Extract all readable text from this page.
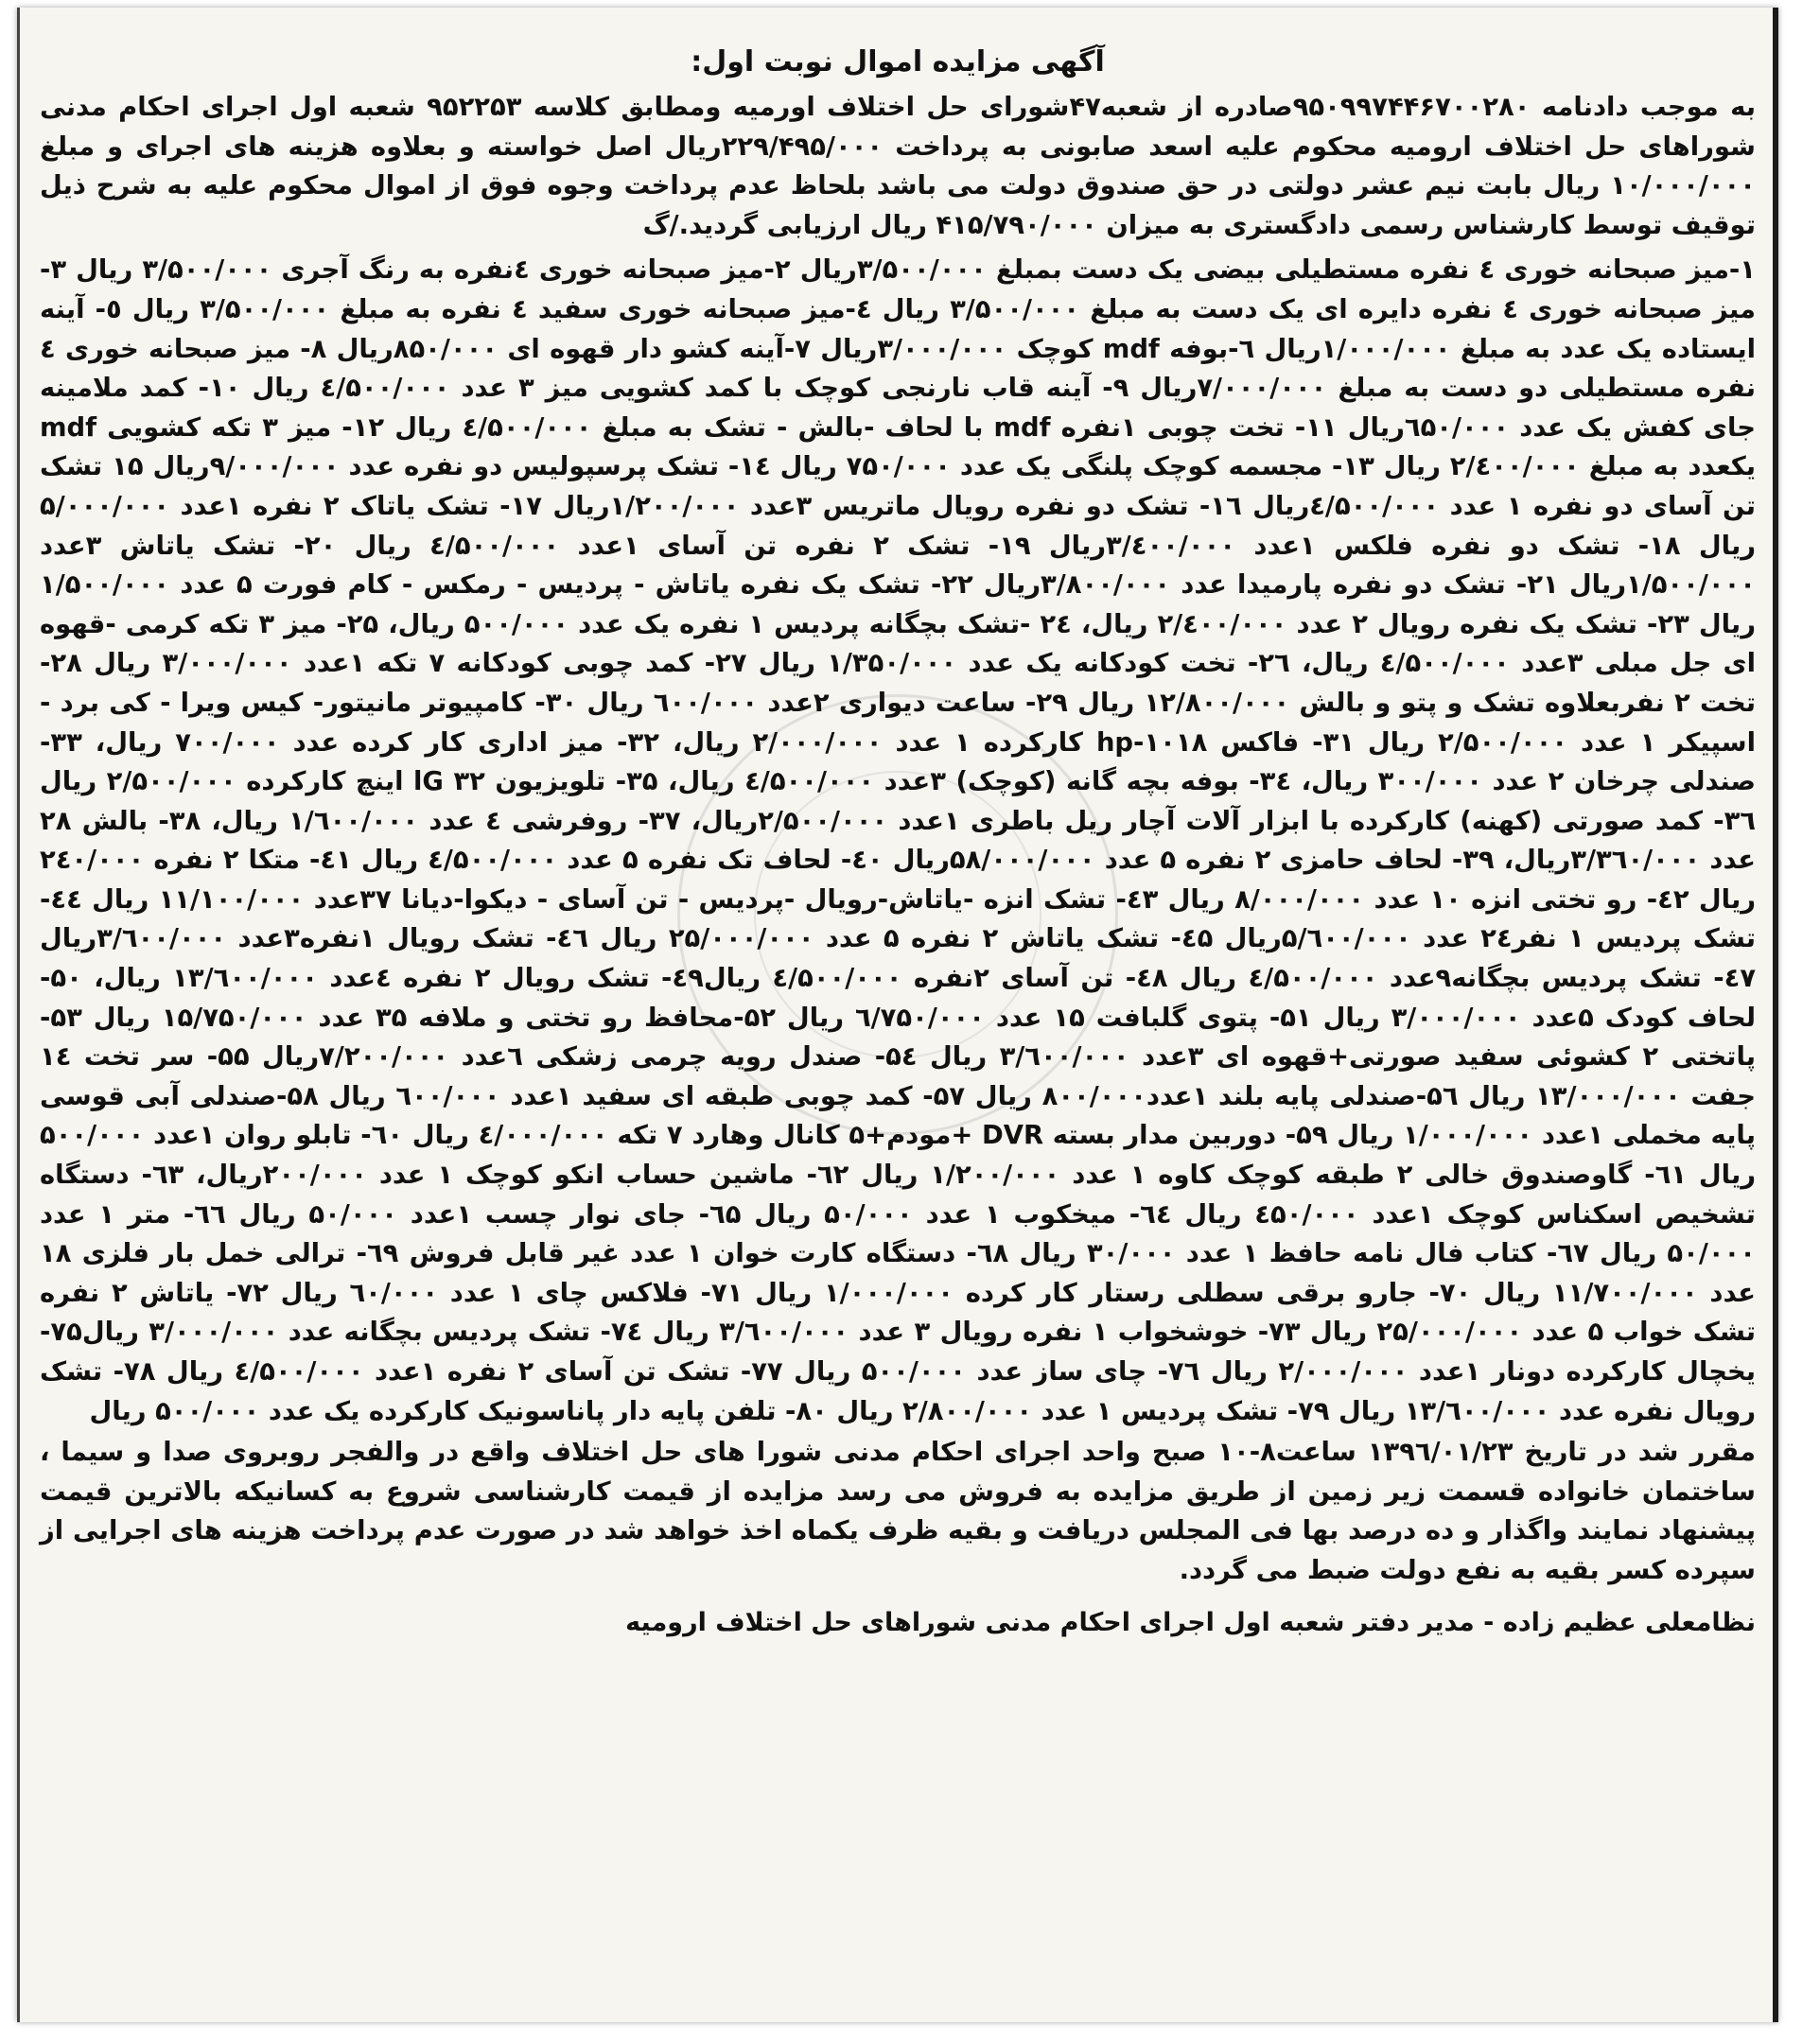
آگهی مزایده اموال نوبت اول:

به موجب دادنامه ۹۵۰۹۹۷۴۴۶۷۰۰۲۸۰صادره از شعبه۴۷شورای حل اختلاف اورمیه ومطابق کلاسه ۹۵۲۲۵۳ شعبه اول اجرای احکام مدنی شوراهای حل اختلاف ارومیه محکوم علیه اسعد صابونی به پرداخت ۲۲۹/۴۹۵/۰۰۰ریال اصل خواسته و بعلاوه هزینه های اجرای و مبلغ ۱۰/۰۰۰/۰۰۰ ریال بابت نیم عشر دولتی در حق صندوق دولت می باشد بلحاظ عدم پرداخت وجوه فوق از اموال محکوم علیه به شرح ذیل توقیف توسط کارشناس رسمی دادگستری به میزان ۴۱۵/۷۹۰/۰۰۰ ریال ارزیابی گردید./گ

۱-میز صبحانه خوری ٤ نفره مستطیلی بیضی یک دست بمبلغ ۳/۵۰۰/۰۰۰ریال ۲-میز صبحانه خوری ٤نفره به رنگ آجری ۳/۵۰۰/۰۰۰ ریال ۳-میز صبحانه خوری ٤ نفره دایره ای یک دست به مبلغ ۳/۵۰۰/۰۰۰ ریال ٤-میز صبحانه خوری سفید ٤ نفره به مبلغ ۳/۵۰۰/۰۰۰ ریال ٥- آینه ایستاده یک عدد به مبلغ ۱/۰۰۰/۰۰۰ریال ٦-بوفه mdf کوچک ۳/۰۰۰/۰۰۰ریال ۷-آینه کشو دار قهوه ای ۸۵۰/۰۰۰ریال ۸- میز صبحانه خوری ٤ نفره مستطیلی دو دست به مبلغ ۷/۰۰۰/۰۰۰ریال ۹- آینه قاب نارنجی کوچک با کمد کشویی میز ۳ عدد ٤/۵۰۰/۰۰۰ ریال ۱۰- کمد ملامینه جای کفش یک عدد ٦۵۰/۰۰۰ریال ۱۱- تخت چوبی ۱نفره mdf با لحاف -بالش - تشک به مبلغ ٤/۵۰۰/۰۰۰ ریال ۱۲- میز ۳ تکه کشویی mdf یکعدد به مبلغ ۲/٤۰۰/۰۰۰ ریال ۱۳- مجسمه کوچک پلنگی یک عدد ۷۵۰/۰۰۰ ریال ۱٤- تشک پرسپولیس دو نفره عدد ۹/۰۰۰/۰۰۰ریال ۱۵ تشک تن آسای دو نفره ۱ عدد ٤/۵۰۰/۰۰۰ریال ۱٦- تشک دو نفره رویال ماتریس ۳عدد ۱/۲۰۰/۰۰۰ریال ۱۷- تشک یاتاک ۲ نفره ۱عدد ۵/۰۰۰/۰۰۰ ریال ۱۸- تشک دو نفره فلکس ۱عدد ۳/٤۰۰/۰۰۰ریال ۱۹- تشک ۲ نفره تن آسای ۱عدد ٤/۵۰۰/۰۰۰ ریال ۲۰- تشک یاتاش ۳عدد ۱/۵۰۰/۰۰۰ریال ۲۱- تشک دو نفره پارمیدا عدد ۳/۸۰۰/۰۰۰ریال ۲۲- تشک یک نفره یاتاش - پردیس - رمکس - کام فورت ۵ عدد ۱/۵۰۰/۰۰۰ ریال ۲۳- تشک یک نفره رویال ۲ عدد ۲/٤۰۰/۰۰۰ ریال، ۲٤ -تشک بچگانه پردیس ۱ نفره یک عدد ۵۰۰/۰۰۰ ریال، ۲۵- میز ۳ تکه کرمی -قهوه ای جل مبلی ۳عدد ٤/۵۰۰/۰۰۰ ریال، ۲٦- تخت کودکانه یک عدد ۱/۳۵۰/۰۰۰ ریال ۲۷- کمد چوبی کودکانه ۷ تکه ۱عدد ۳/۰۰۰/۰۰۰ ریال ۲۸- تخت ۲ نفربعلاوه تشک و پتو و بالش ۱۲/۸۰۰/۰۰۰ ریال ۲۹- ساعت دیواری ۲عدد ٦۰۰/۰۰۰ ریال ۳۰- کامپیوتر مانیتور- کیس ویرا - کی برد - اسپیکر ۱ عدد ۲/۵۰۰/۰۰۰ ریال ۳۱- فاکس hp-۱۰۱۸ کارکرده ۱ عدد ۲/۰۰۰/۰۰۰ ریال، ۳۲- میز اداری کار کرده عدد ۷۰۰/۰۰۰ ریال، ۳۳- صندلی چرخان ۲ عدد ۳۰۰/۰۰۰ ریال، ۳٤- بوفه بچه گانه (کوچک) ۳عدد ٤/۵۰۰/۰۰۰ ریال، ۳۵- تلویزیون ۳۲ lG اینچ کارکرده ۲/۵۰۰/۰۰۰ ریال ۳٦- کمد صورتی (کهنه) کارکرده با ابزار آلات آچار ریل باطری ۱عدد ۲/۵۰۰/۰۰۰ریال، ۳۷- روفرشی ٤ عدد ۱/٦۰۰/۰۰۰ ریال، ۳۸- بالش ۲۸ عدد ۳/۳٦۰/۰۰۰ریال، ۳۹- لحاف حامزی ۲ نفره ۵ عدد ۵۸/۰۰۰/۰۰۰ریال ٤۰- لحاف تک نفره ۵ عدد ٤/۵۰۰/۰۰۰ ریال ٤۱- متکا ۲ نفره ۲٤۰/۰۰۰ ریال ٤۲- رو تختی انزه ۱۰ عدد ۸/۰۰۰/۰۰۰ ریال ٤۳- تشک انزه -یاتاش-رویال -پردیس - تن آسای - دیکوا-دیانا ۳۷عدد ۱۱/۱۰۰/۰۰۰ ریال ٤٤- تشک پردیس ۱ نفر۲٤ عدد ۵/٦۰۰/۰۰۰ریال ٤۵- تشک یاتاش ۲ نفره ۵ عدد ۲۵/۰۰۰/۰۰۰ ریال ٤٦- تشک رویال ۱نفره۳عدد ۳/٦۰۰/۰۰۰ریال ٤۷- تشک پردیس بچگانه۹عدد ٤/۵۰۰/۰۰۰ ریال ٤۸- تن آسای ۲نفره ٤/۵۰۰/۰۰۰ ریال٤۹- تشک رویال ۲ نفره ٤عدد ۱۳/٦۰۰/۰۰۰ ریال، ۵۰-لحاف کودک ۵عدد ۳/۰۰۰/۰۰۰ ریال ۵۱- پتوی گلبافت ۱۵ عدد ٦/۷۵۰/۰۰۰ ریال ۵۲-محافظ رو تختی و ملافه ۳۵ عدد ۱۵/۷۵۰/۰۰۰ ریال ۵۳- پاتختی ۲ کشوئی سفید صورتی+قهوه ای ۳عدد ۳/٦۰۰/۰۰۰ ریال ۵٤- صندل رویه چرمی زشکی ٦عدد ۷/۲۰۰/۰۰۰ریال ۵۵- سر تخت ۱٤ جفت ۱۳/۰۰۰/۰۰۰ ریال ۵٦-صندلی پایه بلند ۱عدد۸۰۰/۰۰۰ ریال ۵۷- کمد چوبی طبقه ای سفید ۱عدد ٦۰۰/۰۰۰ ریال ۵۸-صندلی آبی قوسی پایه مخملی ۱عدد ۱/۰۰۰/۰۰۰ ریال ۵۹- دوربین مدار بسته DVR +مودم+۵ کانال وهارد ۷ تکه ٤/۰۰۰/۰۰۰ ریال ٦۰- تابلو روان ۱عدد ۵۰۰/۰۰۰ ریال ٦۱- گاوصندوق خالی ۲ طبقه کوچک کاوه ۱ عدد ۱/۲۰۰/۰۰۰ ریال ٦۲- ماشین حساب انکو کوچک ۱ عدد ۲۰۰/۰۰۰ریال، ٦۳- دستگاه تشخیص اسکناس کوچک ۱عدد ٤۵۰/۰۰۰ ریال ٦٤- میخکوب ۱ عدد ۵۰/۰۰۰ ریال ٦۵- جای نوار چسب ۱عدد ۵۰/۰۰۰ ریال ٦٦- متر ۱ عدد ۵۰/۰۰۰ ریال ٦۷- کتاب فال نامه حافظ ۱ عدد ۳۰/۰۰۰ ریال ٦۸- دستگاه کارت خوان ۱ عدد غیر قابل فروش ٦۹- ترالی خمل بار فلزی ۱۸ عدد ۱۱/۷۰۰/۰۰۰ ریال ۷۰- جارو برقی سطلی رستار کار کرده ۱/۰۰۰/۰۰۰ ریال ۷۱- فلاکس چای ۱ عدد ٦۰/۰۰۰ ریال ۷۲- یاتاش ۲ نفره تشک خواب ۵ عدد ۲۵/۰۰۰/۰۰۰ ریال ۷۳- خوشخواب ۱ نفره رویال ۳ عدد ۳/٦۰۰/۰۰۰ ریال ۷٤- تشک پردیس بچگانه عدد ۳/۰۰۰/۰۰۰ ریال۷۵- یخچال کارکرده دونار ۱عدد ۲/۰۰۰/۰۰۰ ریال ۷٦- چای ساز عدد ۵۰۰/۰۰۰ ریال ۷۷- تشک تن آسای ۲ نفره ۱عدد ٤/۵۰۰/۰۰۰ ریال ۷۸- تشک رویال نفره عدد ۱۳/٦۰۰/۰۰۰ ریال ۷۹- تشک پردیس ۱ عدد ۲/۸۰۰/۰۰۰ ریال ۸۰- تلفن پایه دار پاناسونیک کارکرده یک عدد ۵۰۰/۰۰۰ ریال

مقرر شد در تاریخ ۱۳۹٦/۰۱/۲۳ ساعت۸-۱۰ صبح واحد اجرای احکام مدنی شورا های حل اختلاف واقع در والفجر روبروی صدا و سیما ، ساختمان خانواده قسمت زیر زمین از طریق مزایده به فروش می رسد مزایده از قیمت کارشناسی شروع به کسانیکه بالاترین قیمت پیشنهاد نمایند واگذار و ده درصد بها فی المجلس دریافت و بقیه ظرف یکماه اخذ خواهد شد در صورت عدم پرداخت هزینه های اجرایی از سپرده کسر بقیه به نفع دولت ضبط می گردد.

نظامعلی عظیم زاده - مدیر دفتر شعبه اول اجرای احکام مدنی شوراهای حل اختلاف ارومیه
